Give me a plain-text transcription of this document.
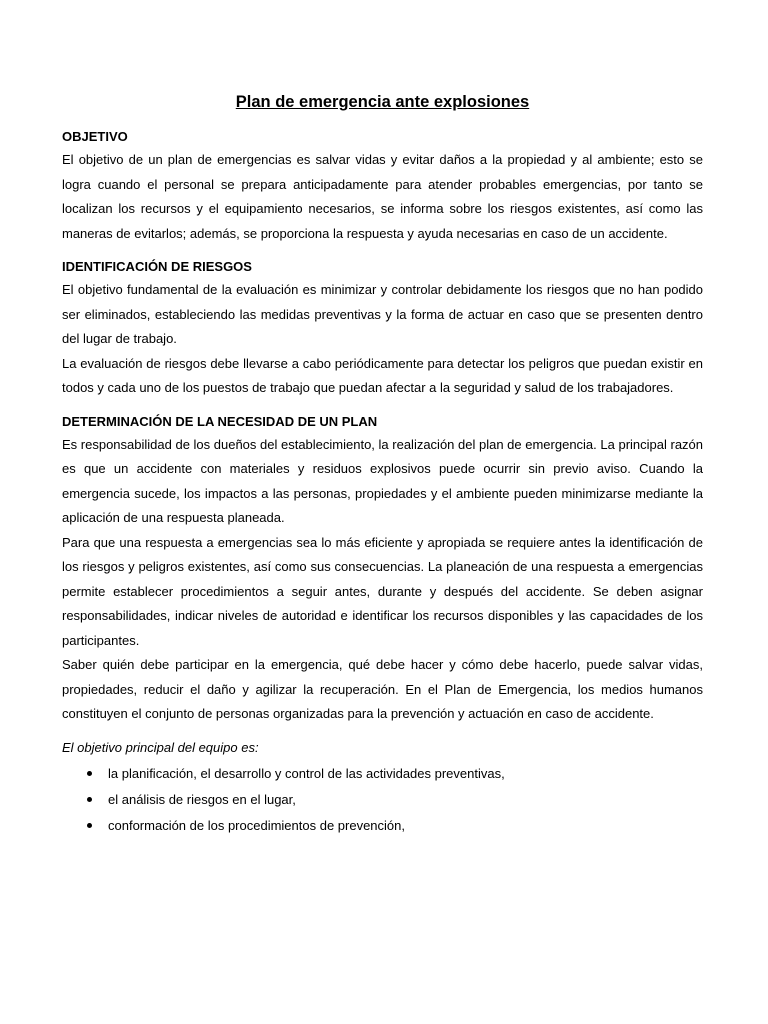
Plan de emergencia ante explosiones
OBJETIVO

El objetivo de un plan de emergencias es salvar vidas y evitar daños a la propiedad y al ambiente; esto se logra cuando el personal se prepara anticipadamente para atender probables emergencias, por tanto se localizan los recursos y el equipamiento necesarios, se informa sobre los riesgos existentes, así como las maneras de evitarlos; además, se proporciona la respuesta y ayuda necesarias en caso de un accidente.

IDENTIFICACIÓN DE RIESGOS

El objetivo fundamental de la evaluación es minimizar y controlar debidamente los riesgos que no han podido ser eliminados, estableciendo las medidas preventivas y la forma de actuar en caso que se presenten dentro del lugar de trabajo.

La evaluación de riesgos debe llevarse a cabo periódicamente para detectar los peligros que puedan existir en todos y cada uno de los puestos de trabajo que puedan afectar a la seguridad y salud de los trabajadores.

DETERMINACIÓN DE LA NECESIDAD DE UN PLAN

Es responsabilidad de los dueños del establecimiento, la realización del plan de emergencia. La principal razón es que un accidente con materiales y residuos explosivos puede ocurrir sin previo aviso. Cuando la emergencia sucede, los impactos a las personas, propiedades y el ambiente pueden minimizarse mediante la aplicación de una respuesta planeada.

Para que una respuesta a emergencias sea lo más eficiente y apropiada se requiere antes la identificación de los riesgos y peligros existentes, así como sus consecuencias. La planeación de una respuesta a emergencias permite establecer procedimientos a seguir antes, durante y después del accidente. Se deben asignar responsabilidades, indicar niveles de autoridad e identificar los recursos disponibles y las capacidades de los participantes.

Saber quién debe participar en la emergencia, qué debe hacer y cómo debe hacerlo, puede salvar vidas, propiedades, reducir el daño y agilizar la recuperación. En el Plan de Emergencia, los medios humanos constituyen el conjunto de personas organizadas para la prevención y actuación en caso de accidente.

El objetivo principal del equipo es:

la planificación, el desarrollo y control de las actividades preventivas,
el análisis de riesgos en el lugar,
conformación de los procedimientos de prevención,
